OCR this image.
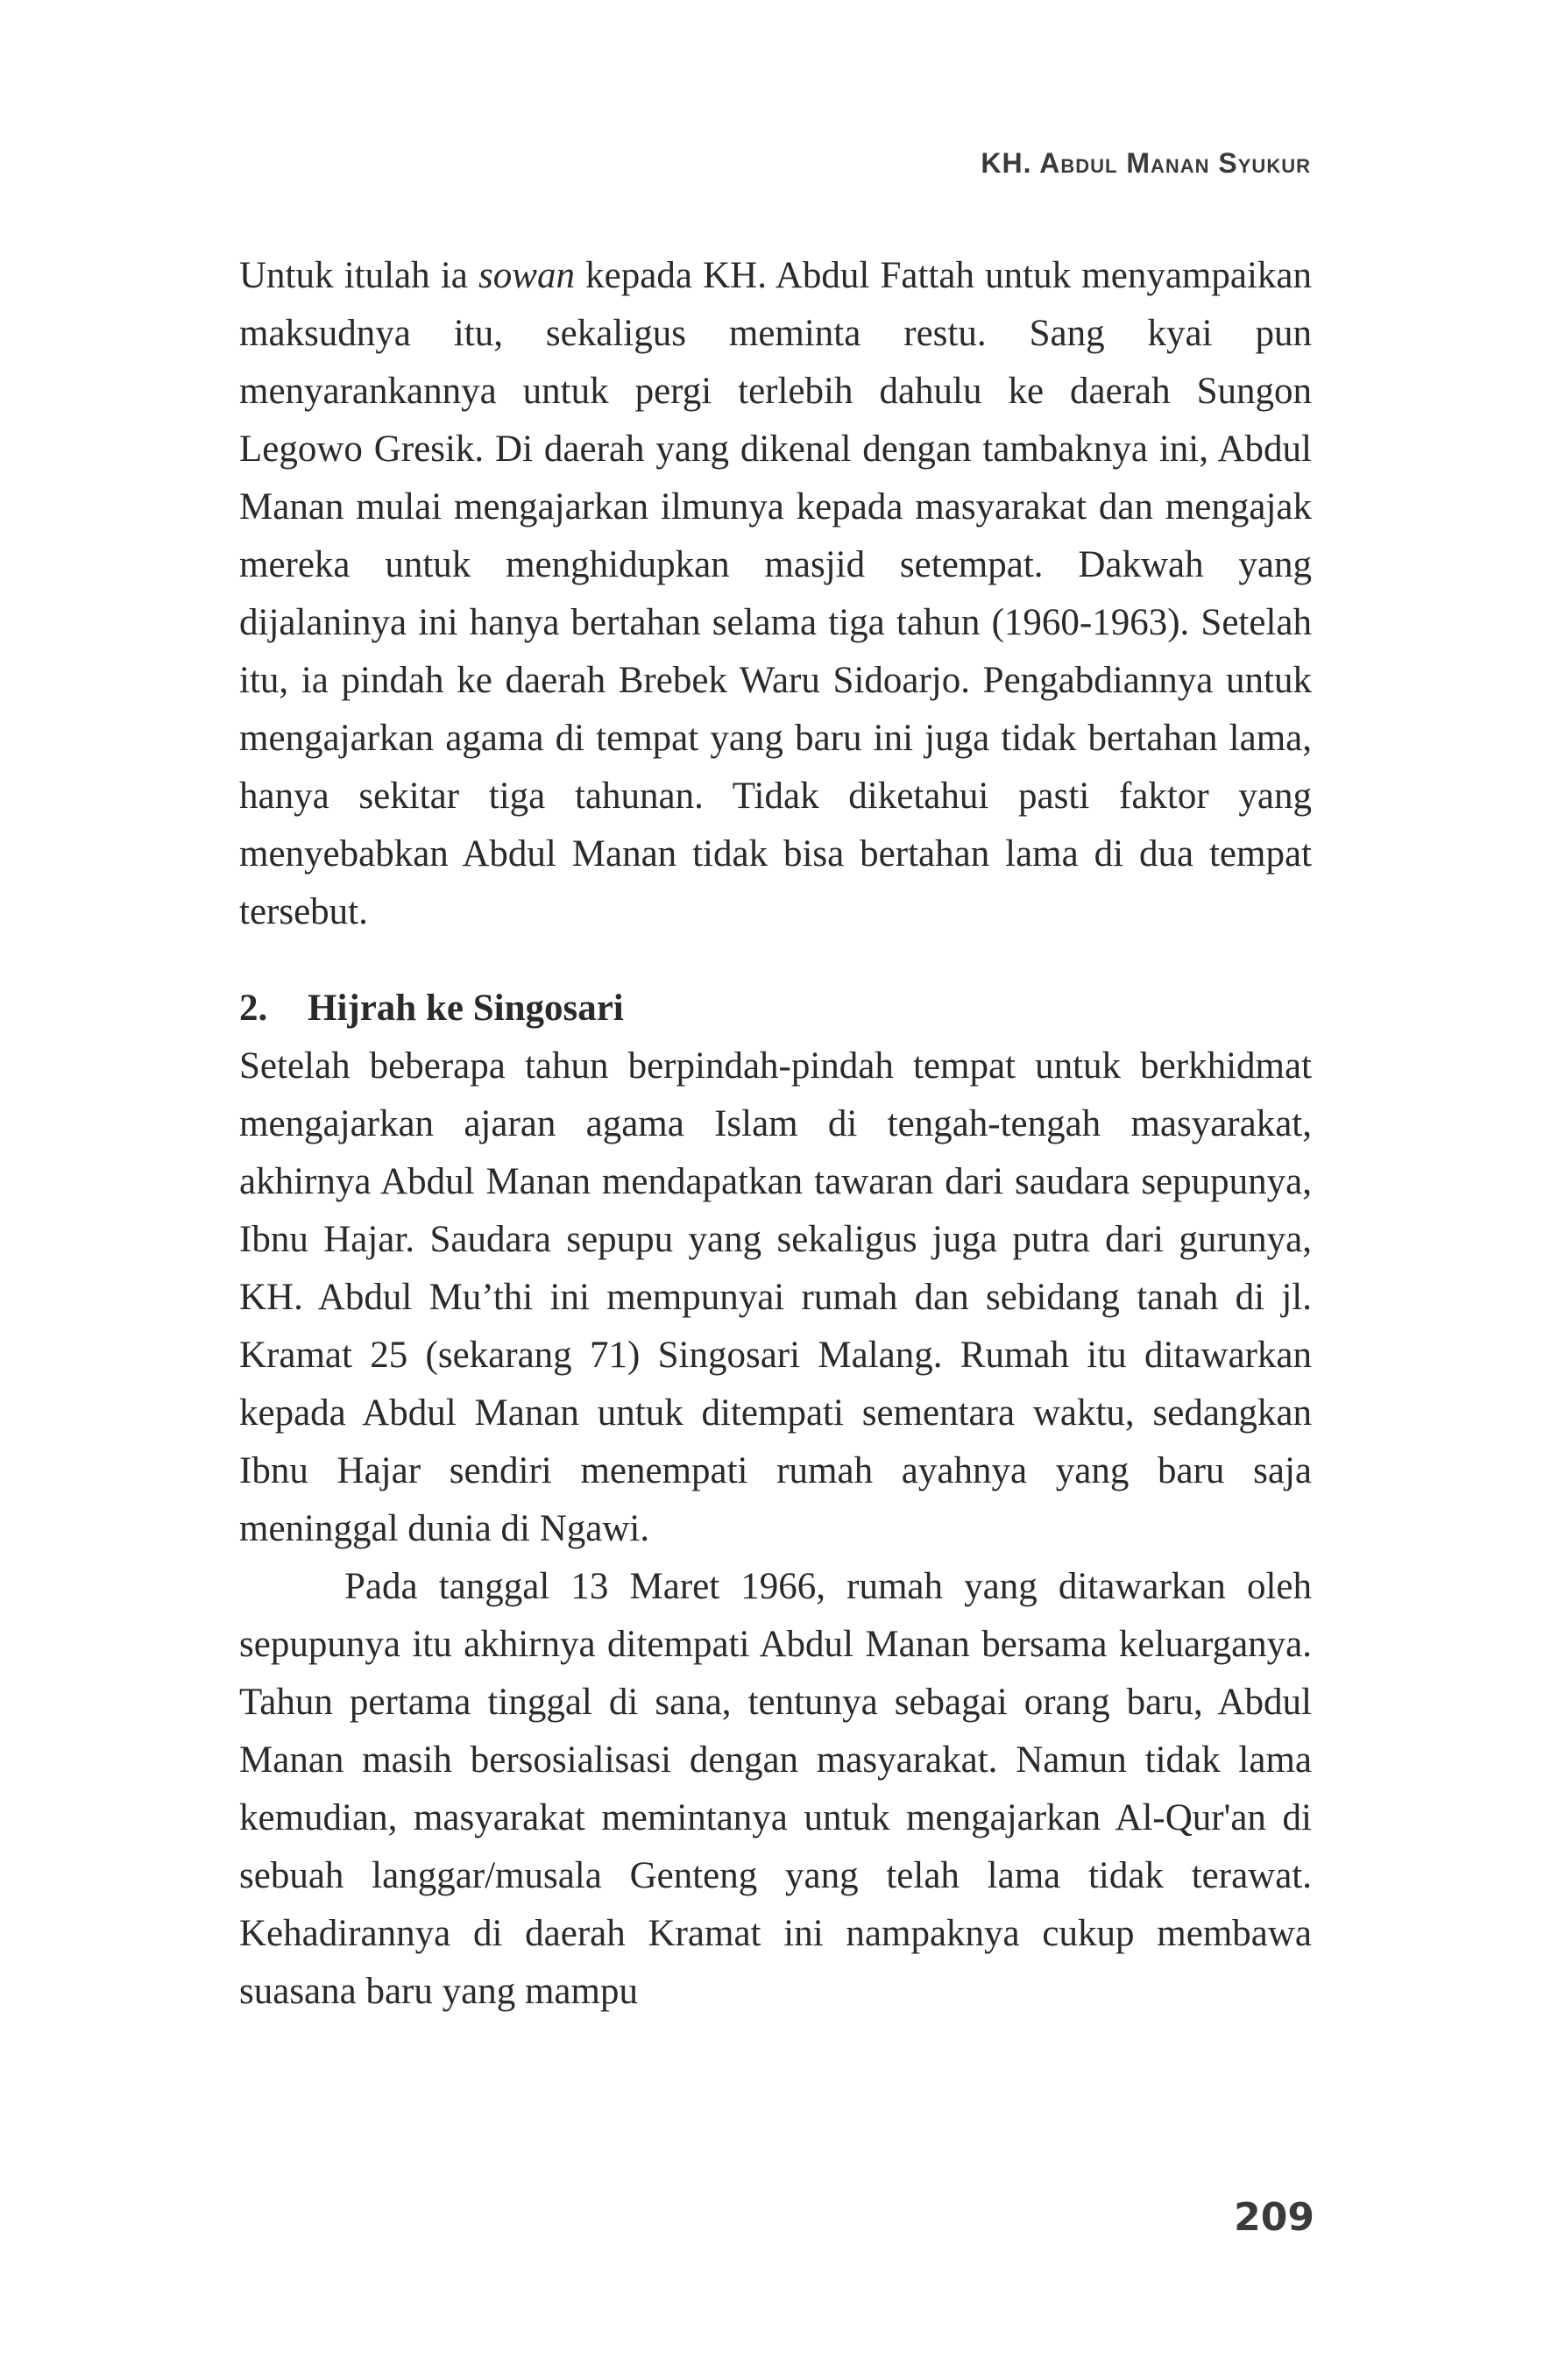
KH. Abdul Manan Syukur

Untuk itulah ia sowan kepada KH. Abdul Fattah untuk menyampaikan maksudnya itu, sekaligus meminta restu. Sang kyai pun menyarankannya untuk pergi terlebih dahulu ke daerah Sungon Legowo Gresik. Di daerah yang dikenal dengan tambaknya ini, Abdul Manan mulai mengajarkan ilmunya kepada masyarakat dan mengajak mereka untuk menghidupkan masjid setempat. Dakwah yang dijalaninya ini hanya bertahan selama tiga tahun (1960-1963). Setelah itu, ia pindah ke daerah Brebek Waru Sidoarjo. Pengabdiannya untuk mengajarkan agama di tempat yang baru ini juga tidak bertahan lama, hanya sekitar tiga tahunan. Tidak diketahui pasti faktor yang menyebabkan Abdul Manan tidak bisa bertahan lama di dua tempat tersebut.

2. Hijrah ke Singosari

Setelah beberapa tahun berpindah-pindah tempat untuk berkhidmat mengajarkan ajaran agama Islam di tengah-tengah masyarakat, akhirnya Abdul Manan mendapatkan tawaran dari saudara sepupunya, Ibnu Hajar. Saudara sepupu yang sekaligus juga putra dari gurunya, KH. Abdul Mu’thi ini mempunyai rumah dan sebidang tanah di jl. Kramat 25 (sekarang 71) Singosari Malang. Rumah itu ditawarkan kepada Abdul Manan untuk ditempati sementara waktu, sedangkan Ibnu Hajar sendiri menempati rumah ayahnya yang baru saja meninggal dunia di Ngawi.

Pada tanggal 13 Maret 1966, rumah yang ditawarkan oleh sepupunya itu akhirnya ditempati Abdul Manan bersama keluarganya. Tahun pertama tinggal di sana, tentunya sebagai orang baru, Abdul Manan masih bersosialisasi dengan masyarakat. Namun tidak lama kemudian, masyarakat memintanya untuk mengajarkan Al-Qur'an di sebuah langgar/musala Genteng yang telah lama tidak terawat. Kehadirannya di daerah Kramat ini nampaknya cukup membawa suasana baru yang mampu

209
